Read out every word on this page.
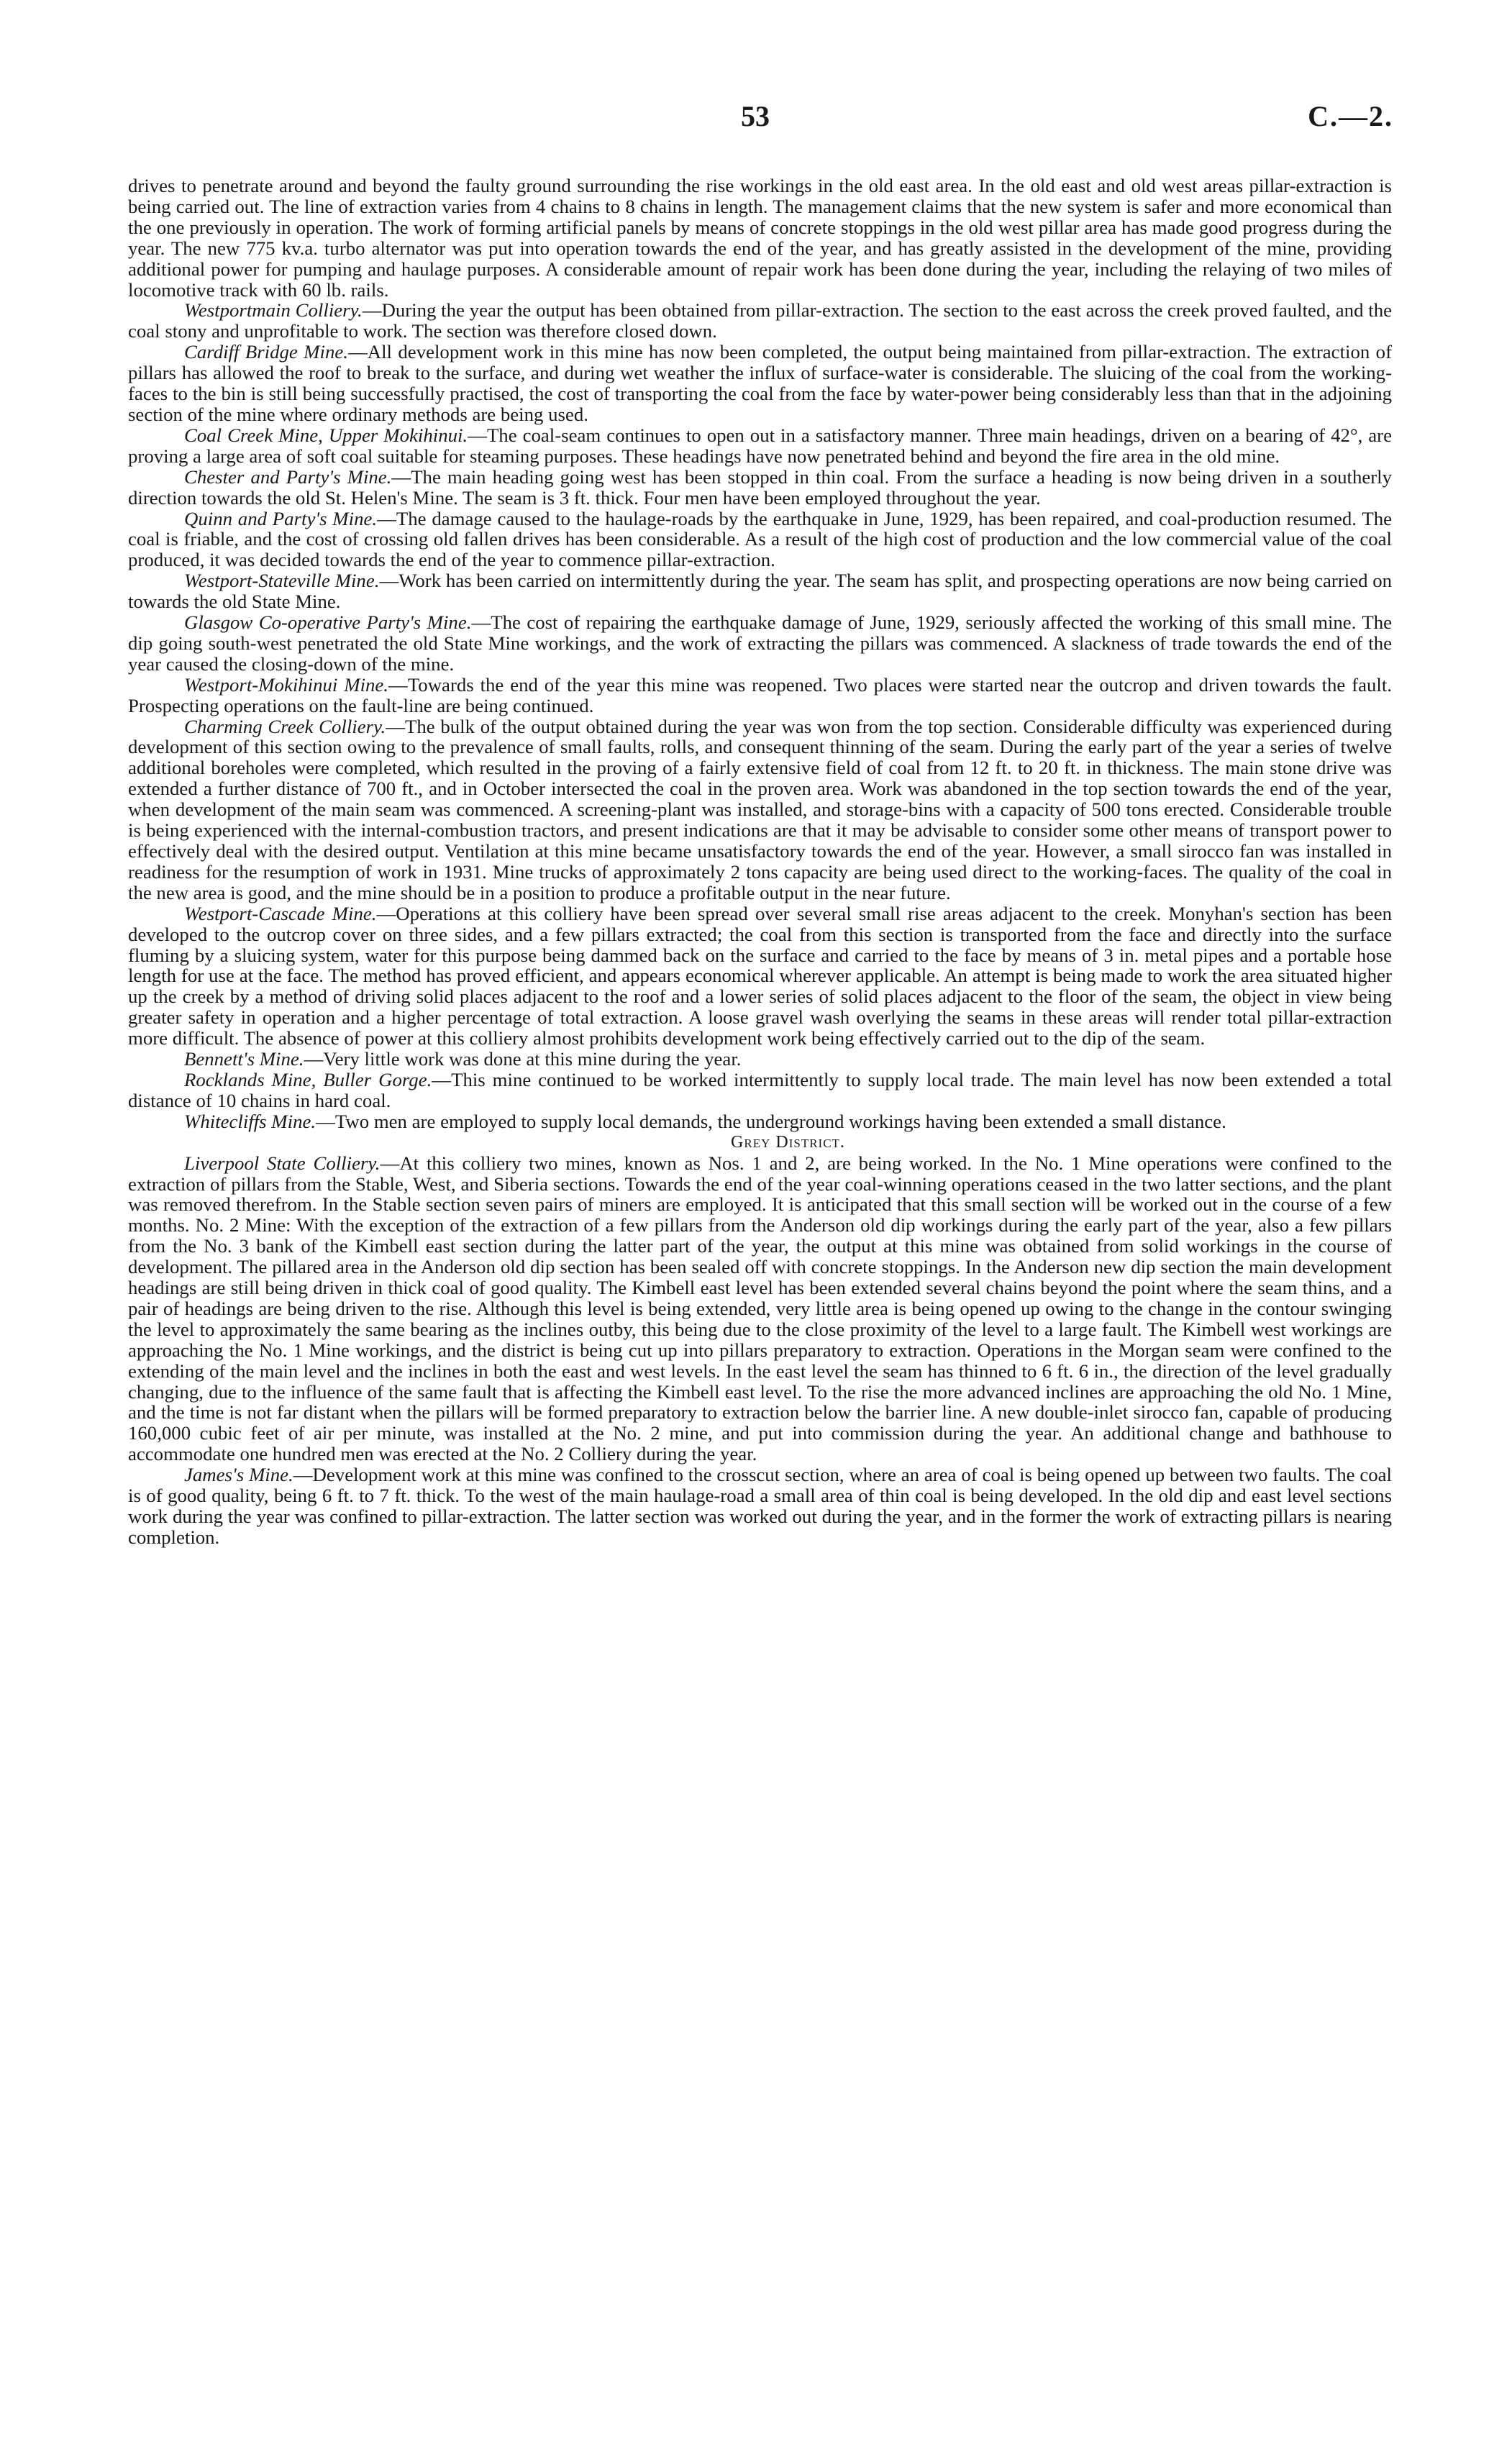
53	C.—2.

drives to penetrate around and beyond the faulty ground surrounding the rise workings in the old east area. In the old east and old west areas pillar-extraction is being carried out. The line of extraction varies from 4 chains to 8 chains in length. The management claims that the new system is safer and more economical than the one previously in operation. The work of forming artificial panels by means of concrete stoppings in the old west pillar area has made good progress during the year. The new 775 kv.a. turbo alternator was put into operation towards the end of the year, and has greatly assisted in the development of the mine, providing additional power for pumping and haulage purposes. A considerable amount of repair work has been done during the year, including the relaying of two miles of locomotive track with 60 lb. rails.

Westportmain Colliery.—During the year the output has been obtained from pillar-extraction. The section to the east across the creek proved faulted, and the coal stony and unprofitable to work. The section was therefore closed down.

Cardiff Bridge Mine.—All development work in this mine has now been completed, the output being maintained from pillar-extraction. The extraction of pillars has allowed the roof to break to the surface, and during wet weather the influx of surface-water is considerable. The sluicing of the coal from the working-faces to the bin is still being successfully practised, the cost of transporting the coal from the face by water-power being considerably less than that in the adjoining section of the mine where ordinary methods are being used.

Coal Creek Mine, Upper Mokihinui.—The coal-seam continues to open out in a satisfactory manner. Three main headings, driven on a bearing of 42°, are proving a large area of soft coal suitable for steaming purposes. These headings have now penetrated behind and beyond the fire area in the old mine.

Chester and Party's Mine.—The main heading going west has been stopped in thin coal. From the surface a heading is now being driven in a southerly direction towards the old St. Helen's Mine. The seam is 3 ft. thick. Four men have been employed throughout the year.

Quinn and Party's Mine.—The damage caused to the haulage-roads by the earthquake in June, 1929, has been repaired, and coal-production resumed. The coal is friable, and the cost of crossing old fallen drives has been considerable. As a result of the high cost of production and the low commercial value of the coal produced, it was decided towards the end of the year to commence pillar-extraction.

Westport-Stateville Mine.—Work has been carried on intermittently during the year. The seam has split, and prospecting operations are now being carried on towards the old State Mine.

Glasgow Co-operative Party's Mine.—The cost of repairing the earthquake damage of June, 1929, seriously affected the working of this small mine. The dip going south-west penetrated the old State Mine workings, and the work of extracting the pillars was commenced. A slackness of trade towards the end of the year caused the closing-down of the mine.

Westport-Mokihinui Mine.—Towards the end of the year this mine was reopened. Two places were started near the outcrop and driven towards the fault. Prospecting operations on the fault-line are being continued.

Charming Creek Colliery.—The bulk of the output obtained during the year was won from the top section. Considerable difficulty was experienced during development of this section owing to the prevalence of small faults, rolls, and consequent thinning of the seam. During the early part of the year a series of twelve additional boreholes were completed, which resulted in the proving of a fairly extensive field of coal from 12 ft. to 20 ft. in thickness. The main stone drive was extended a further distance of 700 ft., and in October intersected the coal in the proven area. Work was abandoned in the top section towards the end of the year, when development of the main seam was commenced. A screening-plant was installed, and storage-bins with a capacity of 500 tons erected. Considerable trouble is being experienced with the internal-combustion tractors, and present indications are that it may be advisable to consider some other means of transport power to effectively deal with the desired output. Ventilation at this mine became unsatisfactory towards the end of the year. However, a small sirocco fan was installed in readiness for the resumption of work in 1931. Mine trucks of approximately 2 tons capacity are being used direct to the working-faces. The quality of the coal in the new area is good, and the mine should be in a position to produce a profitable output in the near future.

Westport-Cascade Mine.—Operations at this colliery have been spread over several small rise areas adjacent to the creek. Monyhan's section has been developed to the outcrop cover on three sides, and a few pillars extracted; the coal from this section is transported from the face and directly into the surface fluming by a sluicing system, water for this purpose being dammed back on the surface and carried to the face by means of 3 in. metal pipes and a portable hose length for use at the face. The method has proved efficient, and appears economical wherever applicable. An attempt is being made to work the area situated higher up the creek by a method of driving solid places adjacent to the roof and a lower series of solid places adjacent to the floor of the seam, the object in view being greater safety in operation and a higher percentage of total extraction. A loose gravel wash overlying the seams in these areas will render total pillar-extraction more difficult. The absence of power at this colliery almost prohibits development work being effectively carried out to the dip of the seam.

Bennett's Mine.—Very little work was done at this mine during the year.

Rocklands Mine, Buller Gorge.—This mine continued to be worked intermittently to supply local trade. The main level has now been extended a total distance of 10 chains in hard coal.

Whitecliffs Mine.—Two men are employed to supply local demands, the underground workings having been extended a small distance.

Grey District.

Liverpool State Colliery.—At this colliery two mines, known as Nos. 1 and 2, are being worked. In the No. 1 Mine operations were confined to the extraction of pillars from the Stable, West, and Siberia sections. Towards the end of the year coal-winning operations ceased in the two latter sections, and the plant was removed therefrom. In the Stable section seven pairs of miners are employed. It is anticipated that this small section will be worked out in the course of a few months. No. 2 Mine: With the exception of the extraction of a few pillars from the Anderson old dip workings during the early part of the year, also a few pillars from the No. 3 bank of the Kimbell east section during the latter part of the year, the output at this mine was obtained from solid workings in the course of development. The pillared area in the Anderson old dip section has been sealed off with concrete stoppings. In the Anderson new dip section the main development headings are still being driven in thick coal of good quality. The Kimbell east level has been extended several chains beyond the point where the seam thins, and a pair of headings are being driven to the rise. Although this level is being extended, very little area is being opened up owing to the change in the contour swinging the level to approximately the same bearing as the inclines outby, this being due to the close proximity of the level to a large fault. The Kimbell west workings are approaching the No. 1 Mine workings, and the district is being cut up into pillars preparatory to extraction. Operations in the Morgan seam were confined to the extending of the main level and the inclines in both the east and west levels. In the east level the seam has thinned to 6 ft. 6 in., the direction of the level gradually changing, due to the influence of the same fault that is affecting the Kimbell east level. To the rise the more advanced inclines are approaching the old No. 1 Mine, and the time is not far distant when the pillars will be formed preparatory to extraction below the barrier line. A new double-inlet sirocco fan, capable of producing 160,000 cubic feet of air per minute, was installed at the No. 2 mine, and put into commission during the year. An additional change and bathhouse to accommodate one hundred men was erected at the No. 2 Colliery during the year.

James's Mine.—Development work at this mine was confined to the crosscut section, where an area of coal is being opened up between two faults. The coal is of good quality, being 6 ft. to 7 ft. thick. To the west of the main haulage-road a small area of thin coal is being developed. In the old dip and east level sections work during the year was confined to pillar-extraction. The latter section was worked out during the year, and in the former the work of extracting pillars is nearing completion.
